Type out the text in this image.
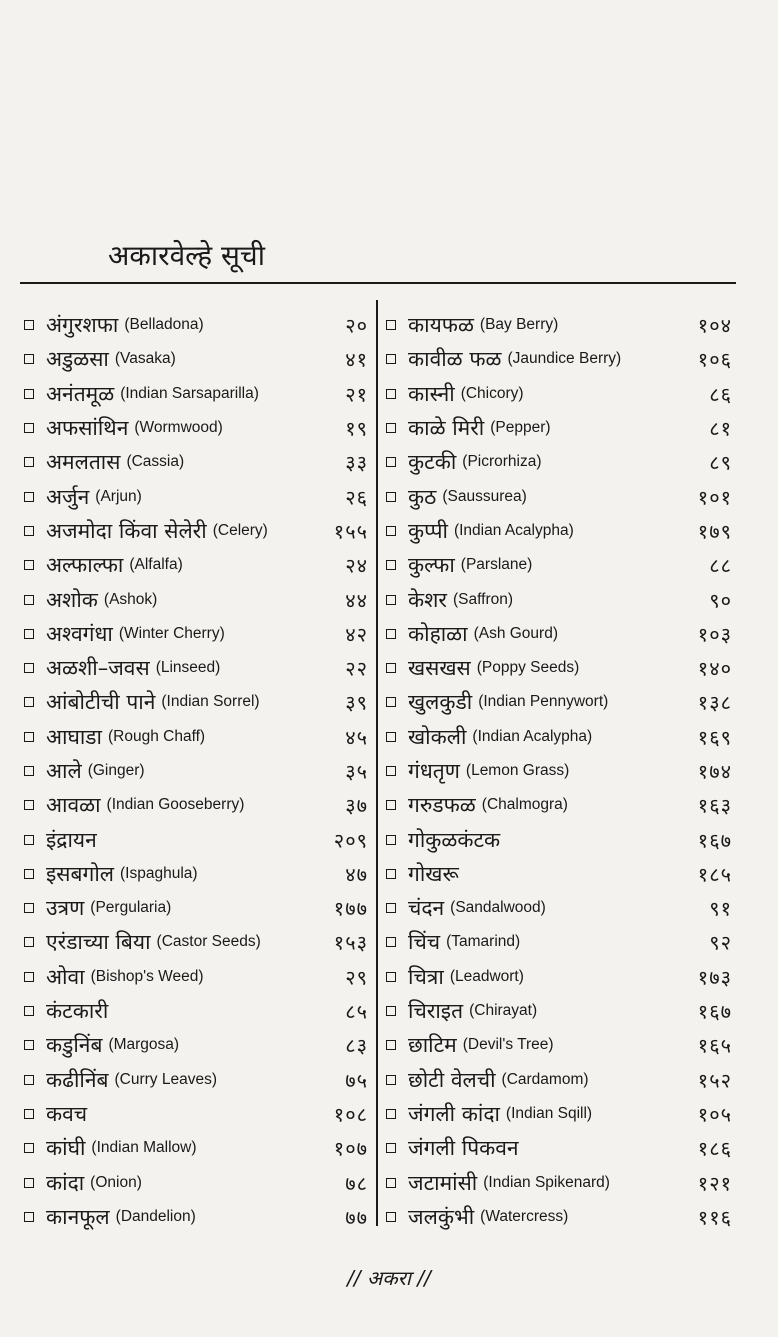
अकारवेल्हे सूची
अंगुरशफा (Belladona)	२०
अडुळसा (Vasaka)	४१
अनंतमूळ (Indian Sarsaparilla)	२१
अफसांथिन (Wormwood)	१९
अमलतास (Cassia)	३३
अर्जुन (Arjun)	२६
अजमोदा किंवा सेलेरी (Celery)	१५५
अल्फाल्फा (Alfalfa)	२४
अशोक (Ashok)	४४
अश्वगंधा (Winter Cherry)	४२
अळशी–जवस (Linseed)	२२
आंबोटीची पाने (Indian Sorrel)	३९
आघाडा (Rough Chaff)	४५
आले (Ginger)	३५
आवळा (Indian Gooseberry)	३७
इंद्रायन	२०९
इसबगोल (Ispaghula)	४७
उत्रण (Pergularia)	१७७
एरंडाच्या बिया (Castor Seeds)	१५३
ओवा (Bishop's Weed)	२९
कंटकारी	८५
कडुनिंब (Margosa)	८३
कढीनिंब (Curry Leaves)	७५
कवच	१०८
कांघी (Indian Mallow)	१०७
कांदा (Onion)	७८
कानफूल (Dandelion)	७७
कायफळ (Bay Berry)	१०४
कावीळ फळ (Jaundice Berry)	१०६
कास्नी (Chicory)	८६
काळे मिरी (Pepper)	८१
कुटकी (Picrorhiza)	८९
कुठ (Saussurea)	१०१
कुप्पी (Indian Acalypha)	१७९
कुल्फा (Parslane)	८८
केशर (Saffron)	९०
कोहाळा (Ash Gourd)	१०३
खसखस (Poppy Seeds)	१४०
खुलकुडी (Indian Pennywort)	१३८
खोकली (Indian Acalypha)	१६९
गंधतृण (Lemon Grass)	१७४
गरुडफळ (Chalmogra)	१६३
गोकुळकंटक	१६७
गोखरू	१८५
चंदन (Sandalwood)	९१
चिंच (Tamarind)	९२
चित्रा (Leadwort)	१७३
चिराइत (Chirayat)	१६७
छाटिम (Devil's Tree)	१६५
छोटी वेलची (Cardamom)	१५२
जंगली कांदा (Indian Sqill)	१०५
जंगली पिकवन	१८६
जटामांसी (Indian Spikenard)	१२१
जलकुंभी (Watercress)	११६
// अकरा //
